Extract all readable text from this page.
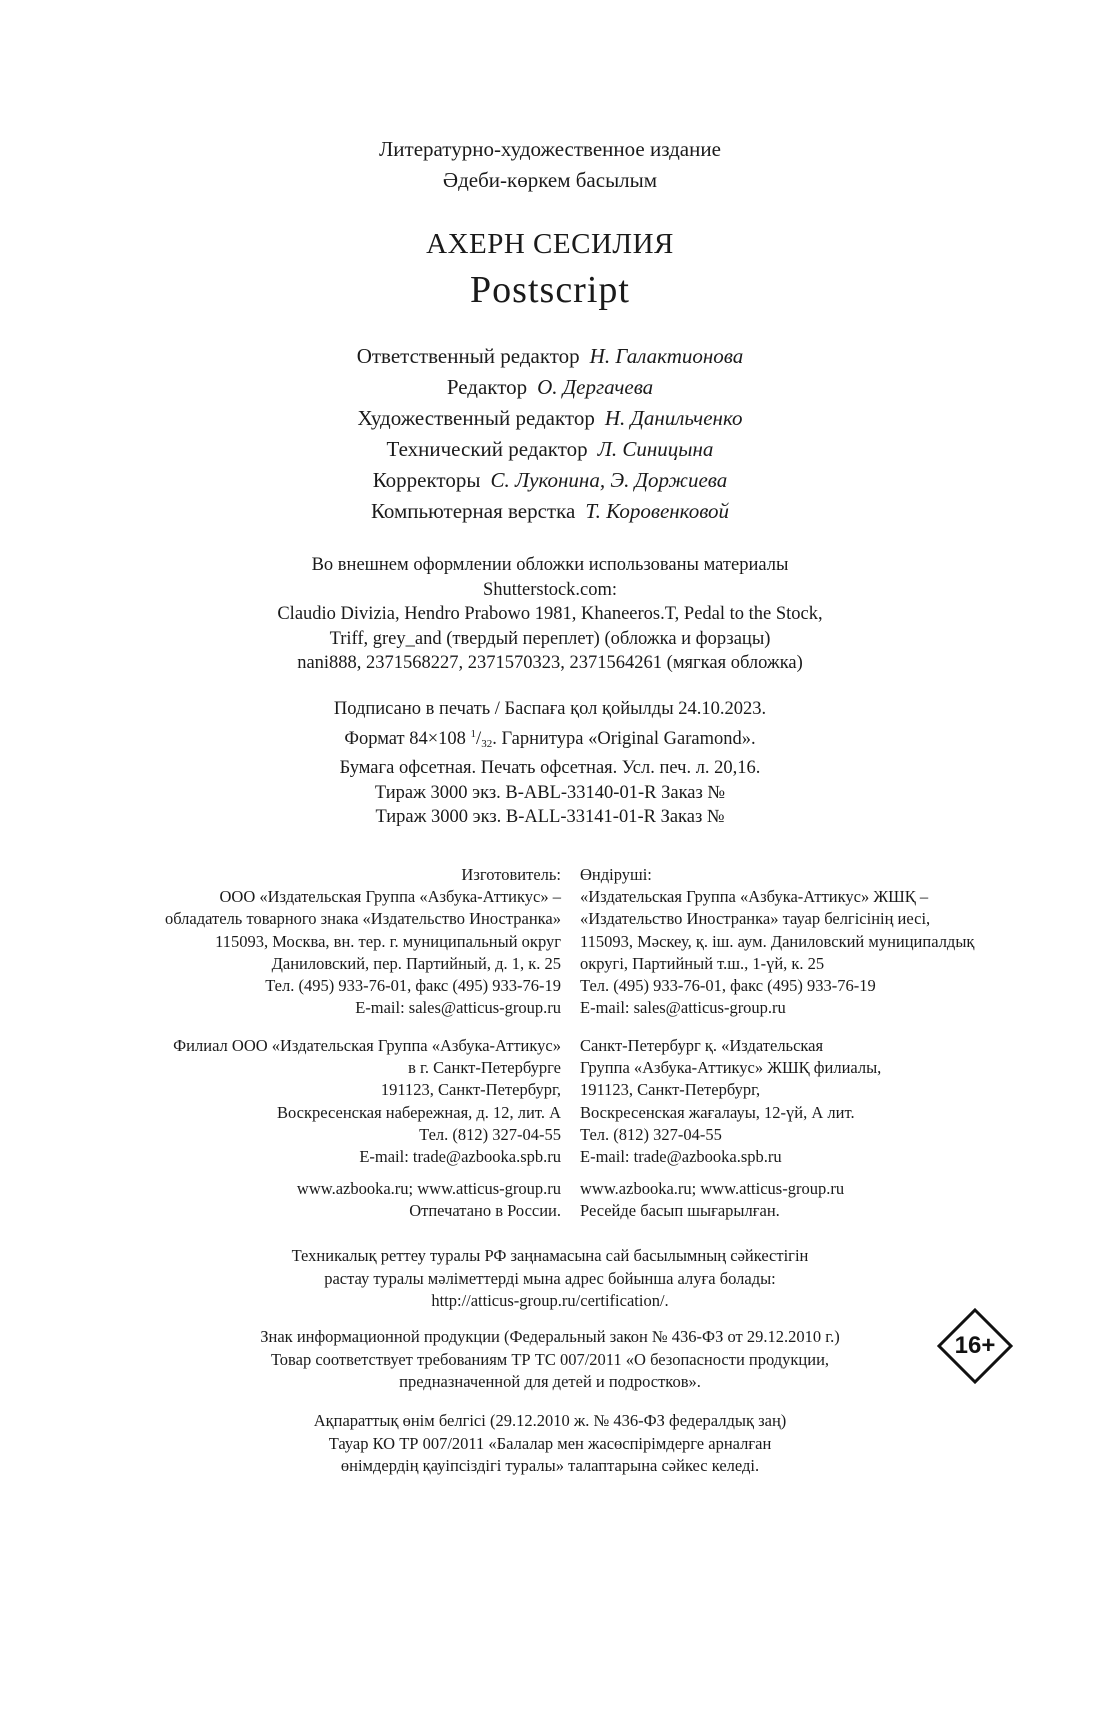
Литературно-художественное издание
Әдеби-көркем басылым
АХЕРН СЕСИЛИЯ
Postscript
Ответственный редактор Н. Галактионова
Редактор О. Дергачева
Художественный редактор Н. Данильченко
Технический редактор Л. Синицына
Корректоры С. Луконина, Э. Доржиева
Компьютерная верстка Т. Коровенковой
Во внешнем оформлении обложки использованы материалы
Shutterstock.com:
Claudio Divizia, Hendro Prabowo 1981, Khaneeros.T, Pedal to the Stock,
Triff, grey_and (твердый переплет) (обложка и форзацы)
nani888, 2371568227, 2371570323, 2371564261 (мягкая обложка)
Подписано в печать / Баспаға қол қойылды 24.10.2023.
Формат 84×108 $^1/_{32}$. Гарнитура «Original Garamond».
Бумага офсетная. Печать офсетная. Усл. печ. л. 20,16.
Тираж 3000 экз. B-ABL-33140-01-R Заказ №
Тираж 3000 экз. B-ALL-33141-01-R Заказ №
Изготовитель:
ООО «Издательская Группа «Азбука-Аттикус» –
обладатель товарного знака «Издательство Иностранка»
115093, Москва, вн. тер. г. муниципальный округ
Даниловский, пер. Партийный, д. 1, к. 25
Тел. (495) 933-76-01, факс (495) 933-76-19
E-mail: sales@atticus-group.ru
Өндіруші:
«Издательская Группа «Азбука-Аттикус» ЖШҚ –
«Издательство Иностранка» тауар белгісінің иесі,
115093, Мәскеу, қ. іш. аум. Даниловский муниципалдық
округі, Партийный т.ш., 1-үй, к. 25
Тел. (495) 933-76-01, факс (495) 933-76-19
E-mail: sales@atticus-group.ru
Филиал ООО «Издательская Группа «Азбука-Аттикус»
в г. Санкт-Петербурге
191123, Санкт-Петербург,
Воскресенская набережная, д. 12, лит. А
Тел. (812) 327-04-55
E-mail: trade@azbooka.spb.ru
Санкт-Петербург қ. «Издательская
Группа «Азбука-Аттикус» ЖШҚ филиалы,
191123, Санкт-Петербург,
Воскресенская жағалауы, 12-үй, А лит.
Тел. (812) 327-04-55
E-mail: trade@azbooka.spb.ru
www.azbooka.ru; www.atticus-group.ru
Отпечатано в России.
www.azbooka.ru; www.atticus-group.ru
Ресейде басып шығарылған.
Техникалық реттеу туралы РФ заңнамасына сай басылымның сәйкестігін
растау туралы мәліметтерді мына адрес бойынша алуға болады:
http://atticus-group.ru/certification/.
Знак информационной продукции (Федеральный закон № 436-ФЗ от 29.12.2010 г.)
Товар соответствует требованиям ТР ТС 007/2011 «О безопасности продукции,
предназначенной для детей и подростков».
16+
Ақпараттық өнім белгісі (29.12.2010 ж. № 436-ФЗ федералдық заң)
Тауар КО ТР 007/2011 «Балалар мен жасөспірімдерге арналған
өнімдердің қауіпсіздігі туралы» талаптарына сәйкес келеді.
